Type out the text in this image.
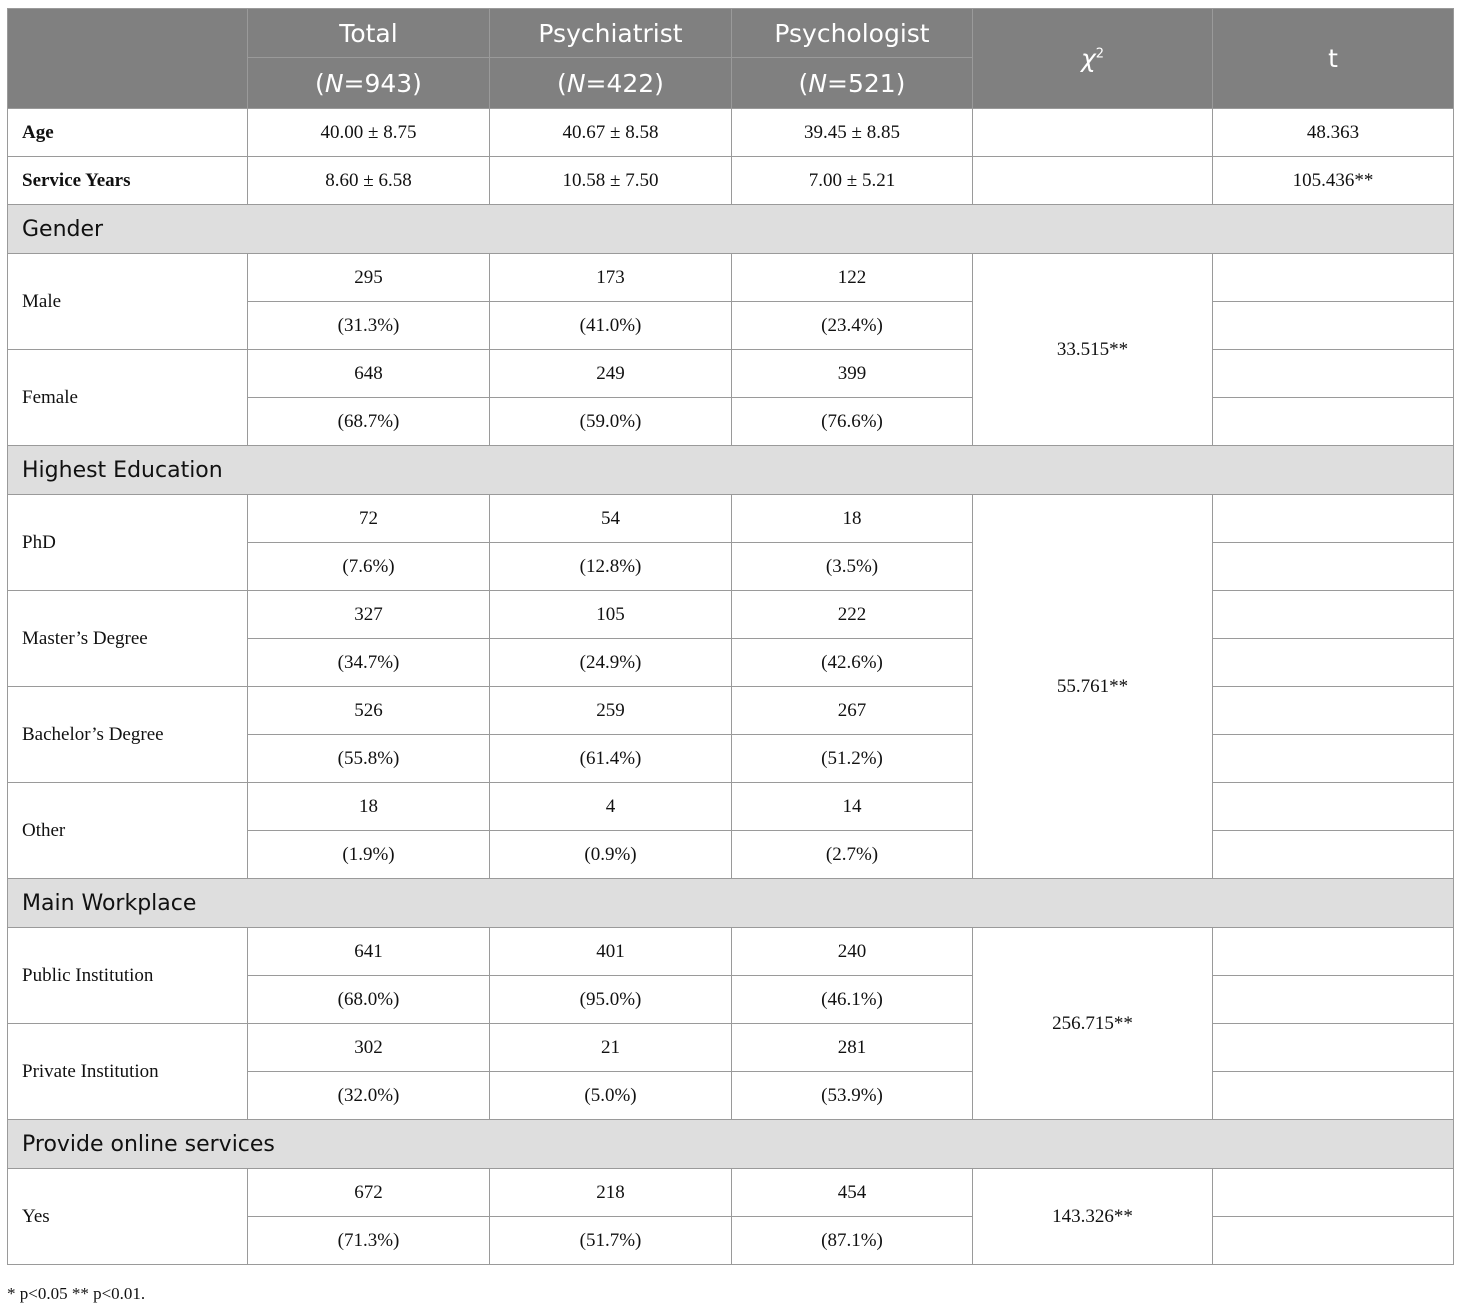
	Total	Psychiatrist	Psychologist	$\chi^2$	t
	(N=943)	(N=422)	(N=521)		
Age	40.00 ± 8.75	40.67 ± 8.58	39.45 ± 8.85		48.363
Service Years	8.60 ± 6.58	10.58 ± 7.50	7.00 ± 5.21		105.436**
Gender					
Male	295	173	122	33.515**	
	(31.3%)	(41.0%)	(23.4%)		
Female	648	249	399		
	(68.7%)	(59.0%)	(76.6%)		
Highest Education					
PhD	72	54	18	55.761**	
	(7.6%)	(12.8%)	(3.5%)		
Master’s Degree	327	105	222		
	(34.7%)	(24.9%)	(42.6%)		
Bachelor’s Degree	526	259	267		
	(55.8%)	(61.4%)	(51.2%)		
Other	18	4	14		
	(1.9%)	(0.9%)	(2.7%)		
Main Workplace					
Public Institution	641	401	240	256.715**	
	(68.0%)	(95.0%)	(46.1%)		
Private Institution	302	21	281		
	(32.0%)	(5.0%)	(53.9%)		
Provide online services					
Yes	672	218	454	143.326**	
	(71.3%)	(51.7%)	(87.1%)		
* p<0.05 ** p<0.01.
